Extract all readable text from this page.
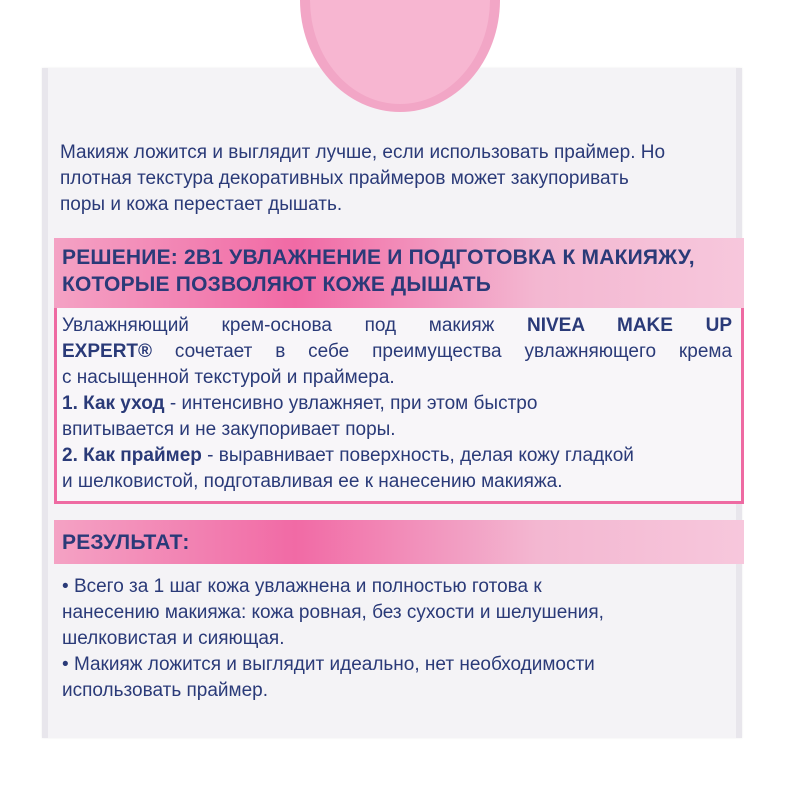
Макияж ложится и выглядит лучше, если использовать праймер. Но
плотная текстура декоративных праймеров может закупоривать
поры и кожа перестает дышать.
РЕШЕНИЕ: 2В1 УВЛАЖНЕНИЕ И ПОДГОТОВКА К МАКИЯЖУ,
КОТОРЫЕ ПОЗВОЛЯЮТ КОЖЕ ДЫШАТЬ
Увлажняющий крем-основа под макияж NIVEA MAKE UP
EXPERT® сочетает в себе преимущества увлажняющего крема
с насыщенной текстурой и праймера.
1. Как уход - интенсивно увлажняет, при этом быстро
впитывается и не закупоривает поры.
2. Как праймер - выравнивает поверхность, делая кожу гладкой
и шелковистой, подготавливая ее к нанесению макияжа.
РЕЗУЛЬТАТ:
• Всего за 1 шаг кожа увлажнена и полностью готова к
нанесению макияжа: кожа ровная, без сухости и шелушения,
шелковистая и сияющая.
• Макияж ложится и выглядит идеально, нет необходимости
использовать праймер.
